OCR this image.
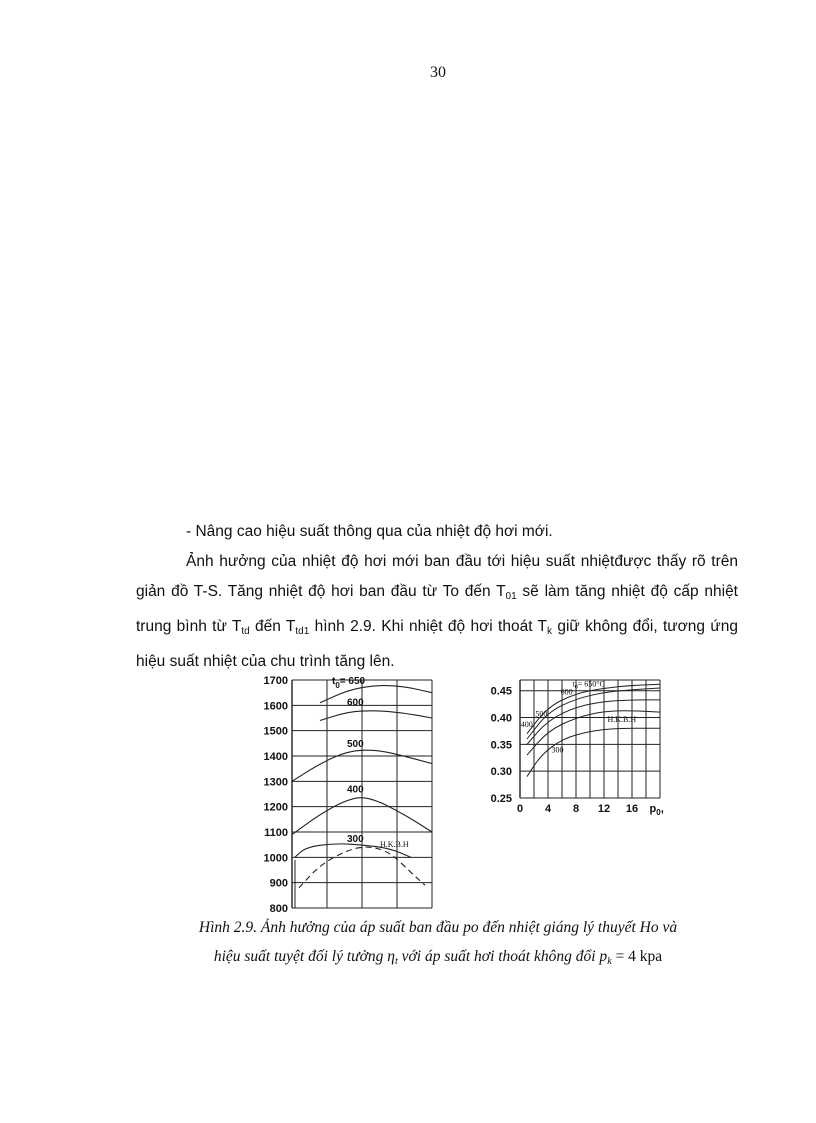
30
- Nâng cao hiệu suất thông qua của nhiệt độ hơi mới.
Ảnh hưởng của nhiệt độ hơi mới ban đầu tới hiệu suất nhiệtđược thấy rõ trên giản đồ T-S. Tăng nhiệt độ hơi ban đầu từ To đến $T_{01}$ sẽ làm tăng nhiệt độ cấp nhiệt trung bình từ $T_{td}$ đến $T_{td1}$ hình 2.9. Khi nhiệt độ hơi thoát $T_k$ giữ không đổi, tương ứng hiệu suất nhiệt của chu trình tăng lên.
1700
1600
1500
1400
1300
1200
1100
1000
900
800
$t_0= 650$
600
500
400
300 H.K.B.H
0.45
0.40
0.35
0.30
0.25
0 4 8 12 16 $p_0$,
$t_0= 650^\circ C$
600
500
400
300
H.K.B.H
Hình 2.9. Ảnh hưởng của áp suất ban đầu po đến nhiệt giáng lý thuyết Ho và
hiệu suất tuyệt đối lý tưởng $\eta_t$ với áp suất hơi thoát không đổi $p_k = 4$ kpa
